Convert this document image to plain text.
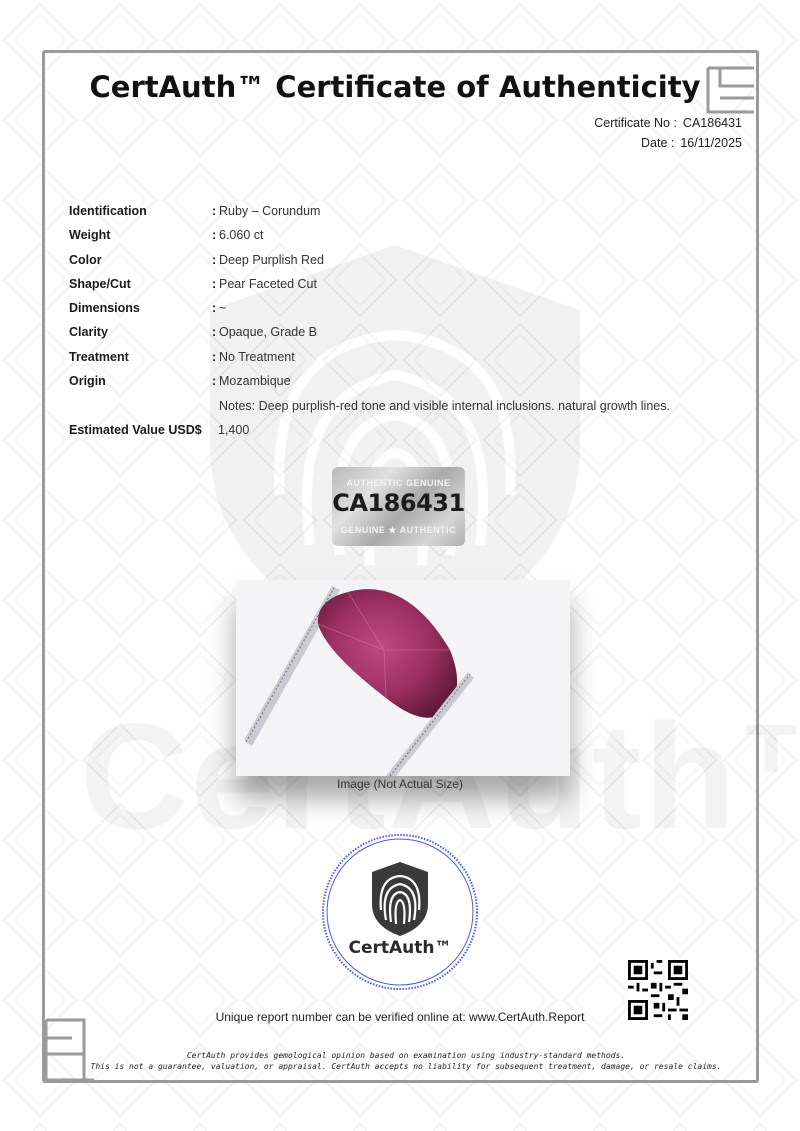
CertAuth™ Certificate of Authenticity
Certificate No : CA186431
Date : 16/11/2025
Identification	: Ruby – Corundum
Weight	: 6.060 ct
Color	: Deep Purplish Red
Shape/Cut	: Pear Faceted Cut
Dimensions	: ~
Clarity	: Opaque, Grade B
Treatment	: No Treatment
Origin	: Mozambique
Notes: Deep purplish-red tone and visible internal inclusions. natural growth lines.
Estimated Value USD$ 1,400
AUTHENTIC GENUINE
CA186431
GENUINE ★ AUTHENTIC
Image (Not Actual Size)
CertAuth™
Unique report number can be verified online at: www.CertAuth.Report
CertAuth provides gemological opinion based on examination using industry-standard methods.
This is not a guarantee, valuation, or appraisal. CertAuth accepts no liability for subsequent treatment, damage, or resale claims.
